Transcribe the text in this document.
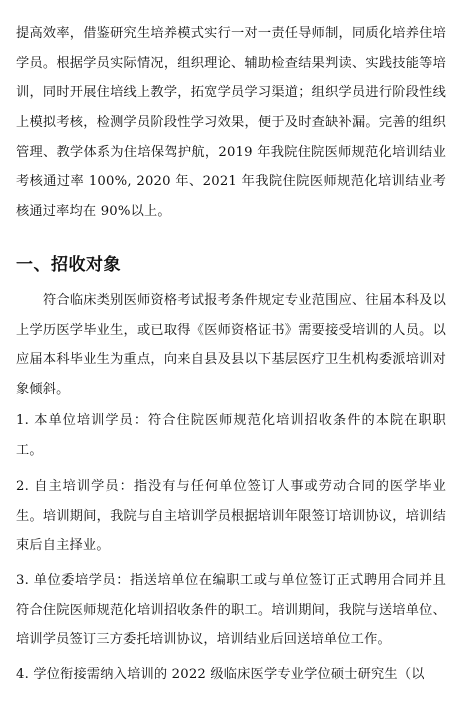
提高效率，借鉴研究生培养模式实行一对一责任导师制，同质化培养住培学员。根据学员实际情况，组织理论、辅助检查结果判读、实践技能等培训，同时开展住培线上教学，拓宽学员学习渠道；组织学员进行阶段性线上模拟考核，检测学员阶段性学习效果，便于及时查缺补漏。完善的组织管理、教学体系为住培保驾护航，2019 年我院住院医师规范化培训结业考核通过率 100%, 2020 年、2021 年我院住院医师规范化培训结业考核通过率均在 90%以上。

一、招收对象

符合临床类别医师资格考试报考条件规定专业范围应、往届本科及以上学历医学毕业生，或已取得《医师资格证书》需要接受培训的人员。以应届本科毕业生为重点，向来自县及县以下基层医疗卫生机构委派培训对象倾斜。

1. 本单位培训学员：符合住院医师规范化培训招收条件的本院在职职工。

2. 自主培训学员：指没有与任何单位签订人事或劳动合同的医学毕业生。培训期间，我院与自主培训学员根据培训年限签订培训协议，培训结束后自主择业。

3. 单位委培学员：指送培单位在编职工或与单位签订正式聘用合同并且符合住院医师规范化培训招收条件的职工。培训期间，我院与送培单位、培训学员签订三方委托培训协议，培训结业后回送培单位工作。

4. 学位衔接需纳入培训的 2022 级临床医学专业学位硕士研究生（以
